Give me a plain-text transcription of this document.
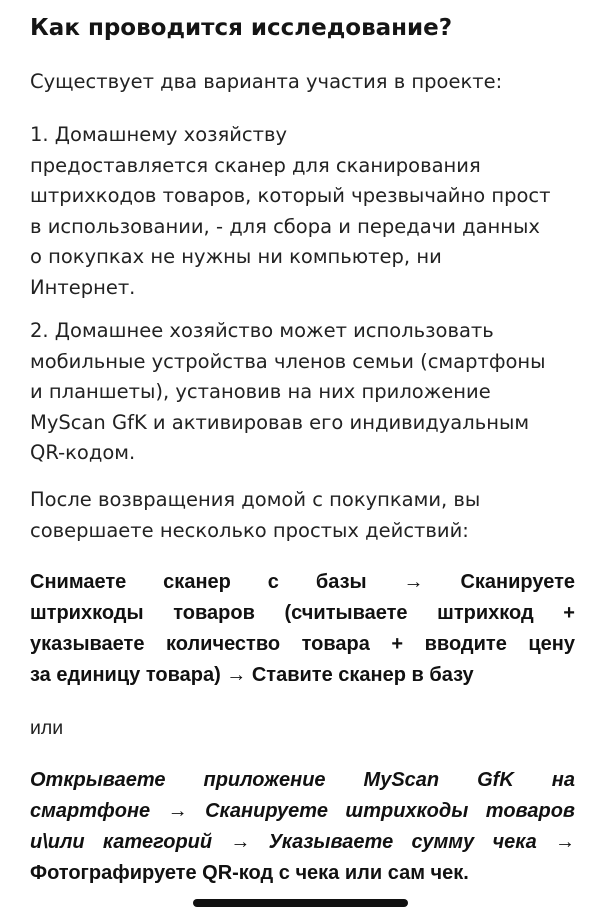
Как проводится исследование?

Существует два варианта участия в проекте:

1. Домашнему хозяйству
предоставляется сканер для сканирования
штрихкодов товаров, который чрезвычайно прост
в использовании, - для сбора и передачи данных
о покупках не нужны ни компьютер, ни
Интернет.

2. Домашнее хозяйство может использовать
мобильные устройства членов семьи (смартфоны
и планшеты), установив на них приложение
MyScan GfK и активировав его индивидуальным
QR-кодом.

После возвращения домой с покупками, вы
совершаете несколько простых действий:

Снимаете сканер с базы → Сканируете
штрихкоды товаров (считываете штрихкод +
указываете количество товара + вводите цену
за единицу товара) → Ставите сканер в базу

или

Открываете приложение MyScan GfK на
смартфоне → Сканируете штрихкоды товаров
и\или категорий → Указываете сумму чека →
Фотографируете QR-код с чека или сам чек.
